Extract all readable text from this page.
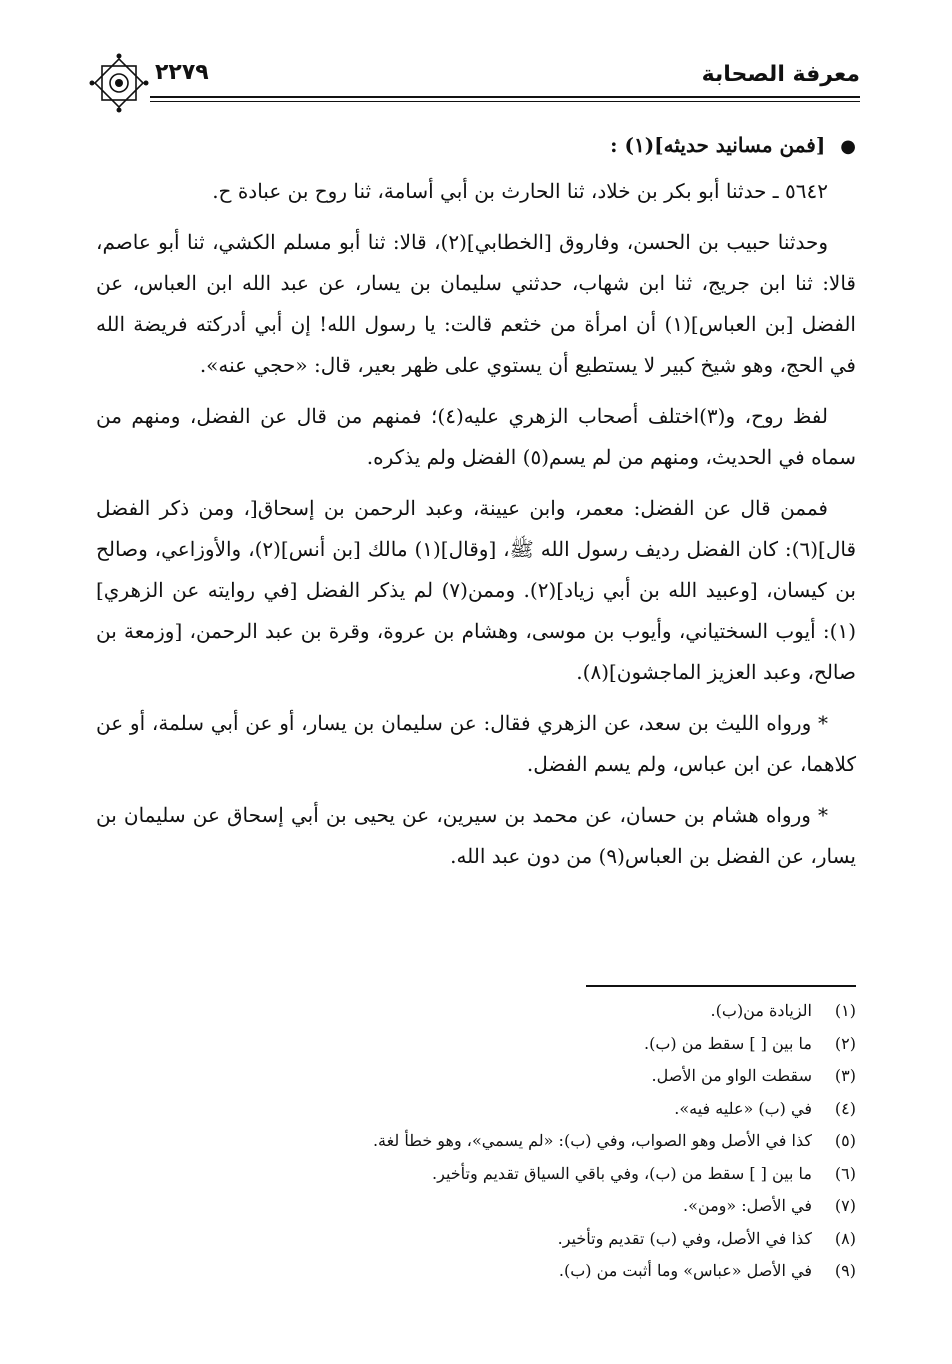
معرفة الصحابة
٢٢٧٩

● [فمن مسانيد حديثه](١) :

٥٦٤٢ ـ حدثنا أبو بكر بن خلاد، ثنا الحارث بن أبي أسامة، ثنا روح بن عبادة ح.

وحدثنا حبيب بن الحسن، وفاروق [الخطابي](٢)، قالا: ثنا أبو مسلم الكشي، ثنا أبو عاصم، قالا: ثنا ابن جريج، ثنا ابن شهاب، حدثني سليمان بن يسار، عن عبد الله ابن العباس، عن الفضل [بن العباس](١) أن امرأة من خثعم قالت: يا رسول الله! إن أبي أدركته فريضة الله في الحج، وهو شيخ كبير لا يستطيع أن يستوي على ظهر بعير، قال: «حجي عنه».

لفظ روح، و(٣)اختلف أصحاب الزهري عليه(٤)؛ فمنهم من قال عن الفضل، ومنهم من سماه في الحديث، ومنهم من لم يسم(٥) الفضل ولم يذكره.

فممن قال عن الفضل: معمر، وابن عيينة، وعبد الرحمن بن إسحاق[، ومن ذكر الفضل قال](٦): كان الفضل رديف رسول الله ﷺ، [وقال](١) مالك [بن أنس](٢)، والأوزاعي، وصالح بن كيسان، [وعبيد الله بن أبي زياد](٢). وممن(٧) لم يذكر الفضل [في روايته عن الزهري](١): أيوب السختياني، وأيوب بن موسى، وهشام بن عروة، وقرة بن عبد الرحمن، [وزمعة بن صالح، وعبد العزيز الماجشون](٨).

* ورواه الليث بن سعد، عن الزهري فقال: عن سليمان بن يسار، أو عن أبي سلمة، أو عن كلاهما، عن ابن عباس، ولم يسم الفضل.

* ورواه هشام بن حسان، عن محمد بن سيرين، عن يحيى بن أبي إسحاق عن سليمان بن يسار، عن الفضل بن العباس(٩) من دون عبد الله.

(١)
الزيادة من(ب).
(٢)
ما بين [ ] سقط من (ب).
(٣)
سقطت الواو من الأصل.
(٤)
في (ب) «عليه فيه».
(٥)
كذا في الأصل وهو الصواب، وفي (ب): «لم يسمي»، وهو خطأ لغة.
(٦)
ما بين [ ] سقط من (ب)، وفي باقي السياق تقديم وتأخير.
(٧)
في الأصل: «ومن».
(٨)
كذا في الأصل، وفي (ب) تقديم وتأخير.
(٩)
في الأصل «عباس» وما أثبت من (ب).
